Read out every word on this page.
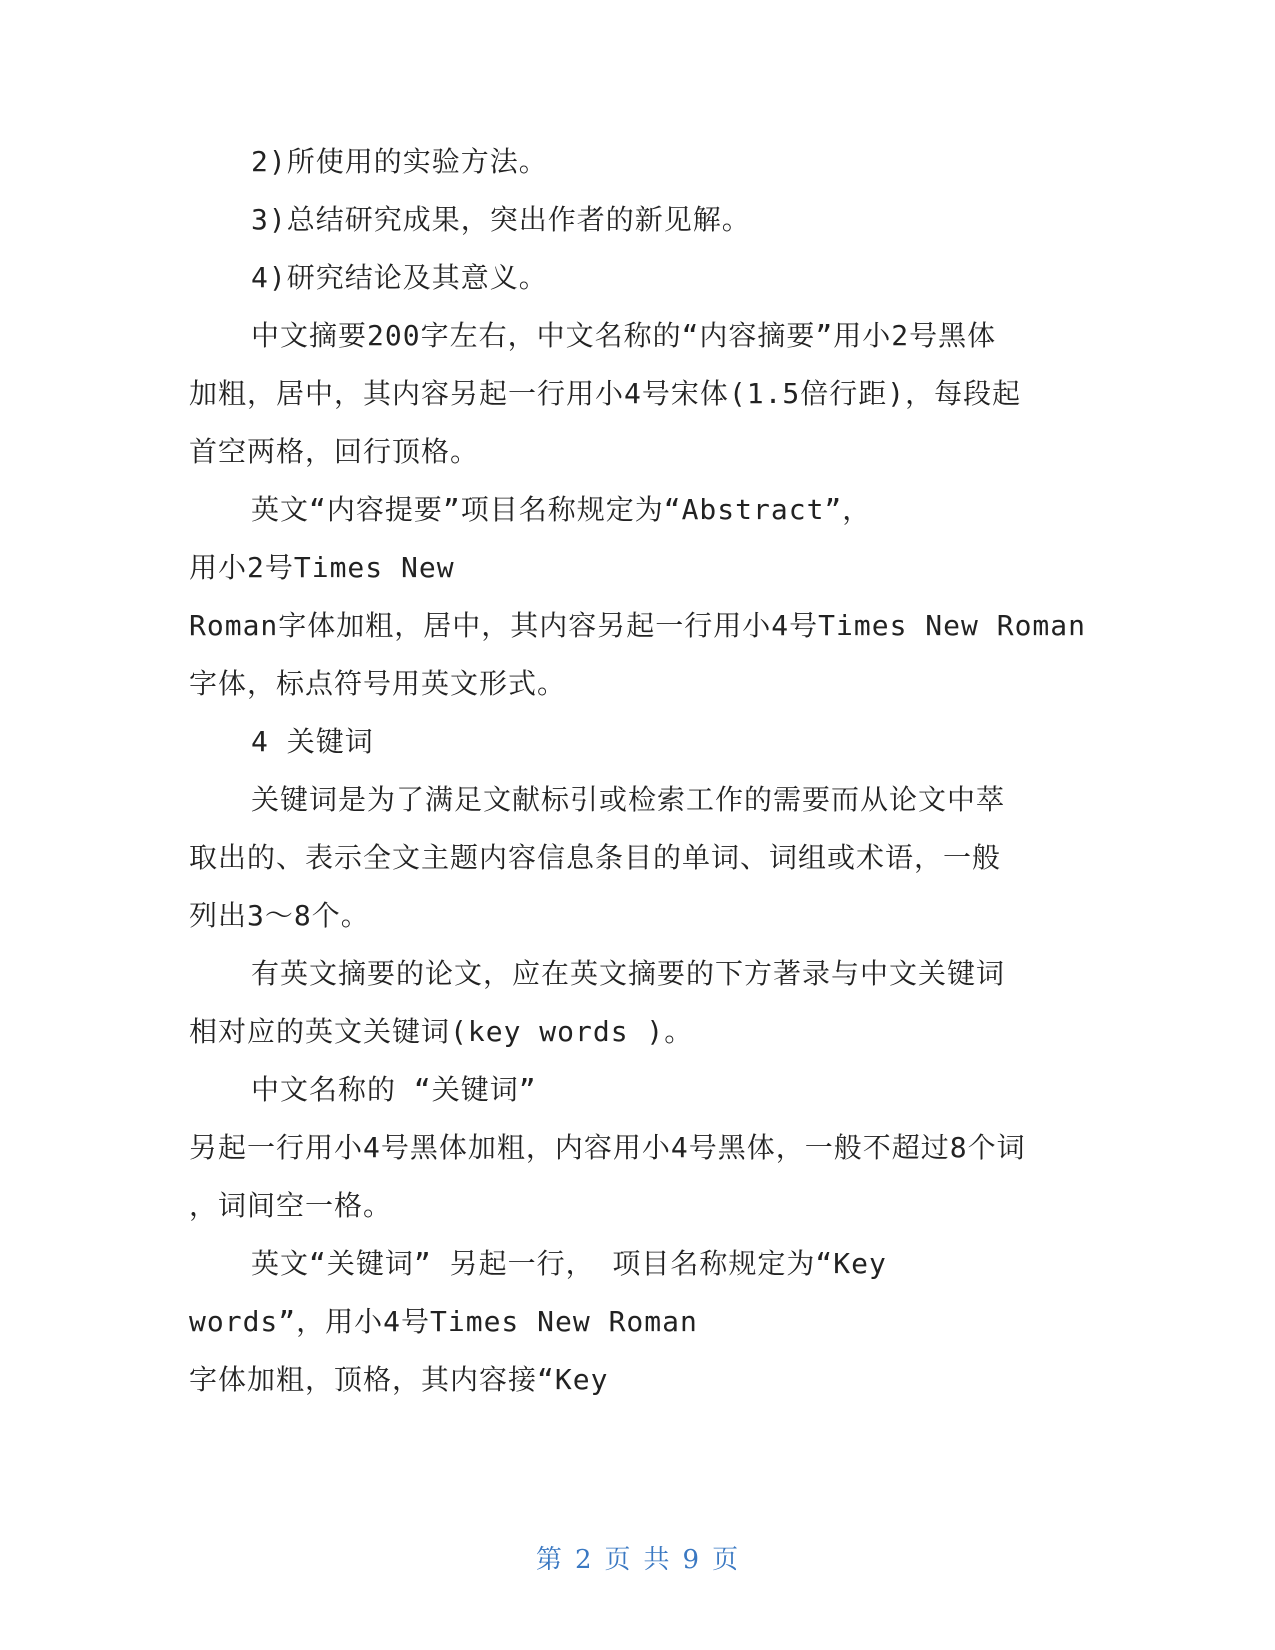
2)所使用的实验方法。
3)总结研究成果，突出作者的新见解。
4)研究结论及其意义。
中文摘要200字左右，中文名称的“内容摘要”用小2号黑体
加粗，居中，其内容另起一行用小4号宋体(1.5倍行距)，每段起
首空两格，回行顶格。
英文“内容提要”项目名称规定为“Abstract”，
用小2号Times New
Roman字体加粗，居中，其内容另起一行用小4号Times New Roman
字体，标点符号用英文形式。
4 关键词
关键词是为了满足文献标引或检索工作的需要而从论文中萃
取出的、表示全文主题内容信息条目的单词、词组或术语，一般
列出3～8个。
有英文摘要的论文，应在英文摘要的下方著录与中文关键词
相对应的英文关键词(key words )。
中文名称的 “关键词”
另起一行用小4号黑体加粗，内容用小4号黑体，一般不超过8个词
，词间空一格。
英文“关键词” 另起一行， 项目名称规定为“Key
words”，用小4号Times New Roman
字体加粗，顶格，其内容接“Key
第 2 页 共 9 页
